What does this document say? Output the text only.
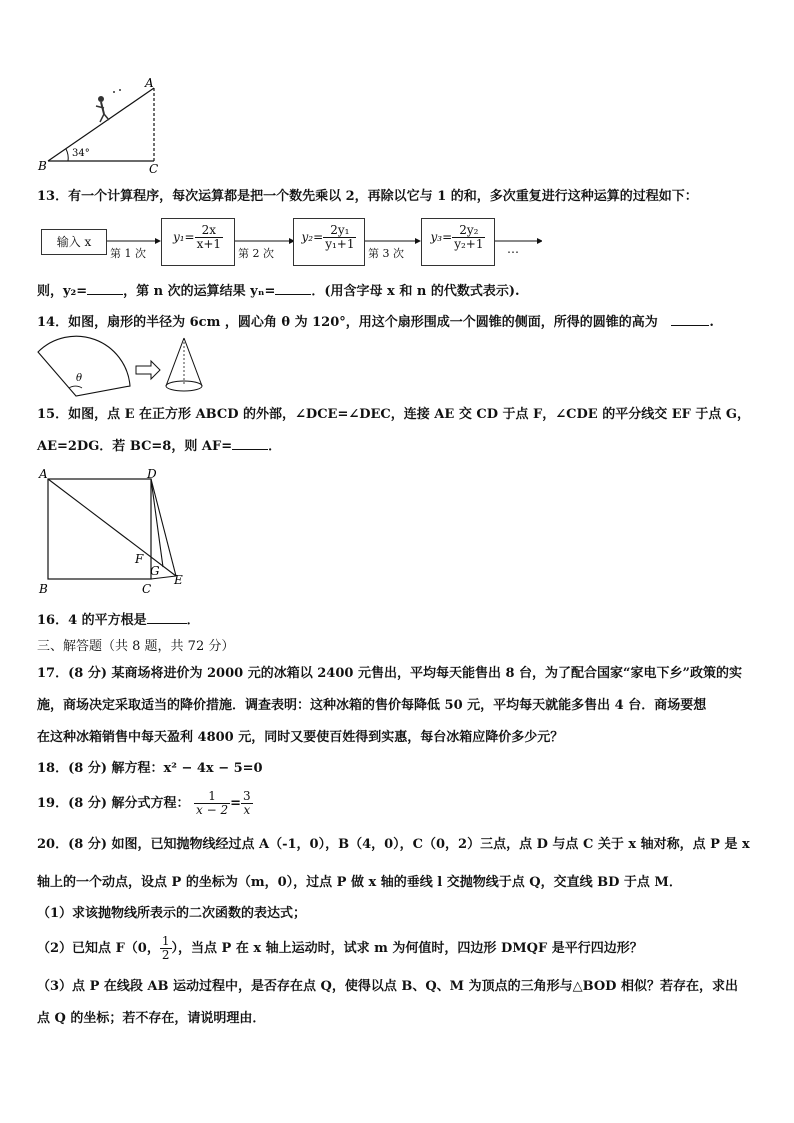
A
B	C
34°
13．有一个计算程序，每次运算都是把一个数先乘以 2，再除以它与 1 的和，多次重复进行这种运算的过程如下：
输入 x
第 1 次
$y_1= \frac{2x}{x+1}$
第 2 次
$y_2= \frac{\text{2y₁}}{\text{y₁+1}}$
第 3 次
$y_3= \frac{\text{2y₂}}{\text{y₂+1}}$ …
则，y₂=	，第 n 次的运算结果 yₙ=	．(用含字母 x 和 n 的代数式表示).
14．如图，扇形的半径为 6cm ，圆心角 θ 为 120°，用这个扇形围成一个圆锥的侧面，所得的圆锥的高为	.
θ
15．如图，点 E 在正方形 ABCD 的外部，∠DCE=∠DEC，连接 AE 交 CD 于点 F，∠CDE 的平分线交 EF 于点 G，
AE=2DG．若 BC=8，则 AF=	．
A	D
B	C
F
G
E
16．4 的平方根是	．
三、解答题（共 8 题，共 72 分）
17．(8 分) 某商场将进价为 2000 元的冰箱以 2400 元售出，平均每天能售出 8 台，为了配合国家“家电下乡”政策的实
施，商场决定采取适当的降价措施．调查表明：这种冰箱的售价每降低 50 元，平均每天就能多售出 4 台．商场要想
在这种冰箱销售中每天盈利 4800 元，同时又要使百姓得到实惠，每台冰箱应降价多少元？
18．(8 分) 解方程：x² − 4x − 5=0
19．(8 分) 解分式方程： $\frac{1}{x - 2} = \frac{3}{x}$
20．(8 分) 如图，已知抛物线经过点 A（-1，0），B（4，0），C（0，2）三点，点 D 与点 C 关于 x 轴对称，点 P 是 x
轴上的一个动点，设点 P 的坐标为（m，0），过点 P 做 x 轴的垂线 l 交抛物线于点 Q，交直线 BD 于点 M．
（1）求该抛物线所表示的二次函数的表达式；
（2）已知点 F（0， $\frac{1}{2}$ ），当点 P 在 x 轴上运动时，试求 m 为何值时，四边形 DMQF 是平行四边形？
（3）点 P 在线段 AB 运动过程中，是否存在点 Q，使得以点 B、Q、M 为顶点的三角形与△BOD 相似？若存在，求出
点 Q 的坐标；若不存在，请说明理由．
